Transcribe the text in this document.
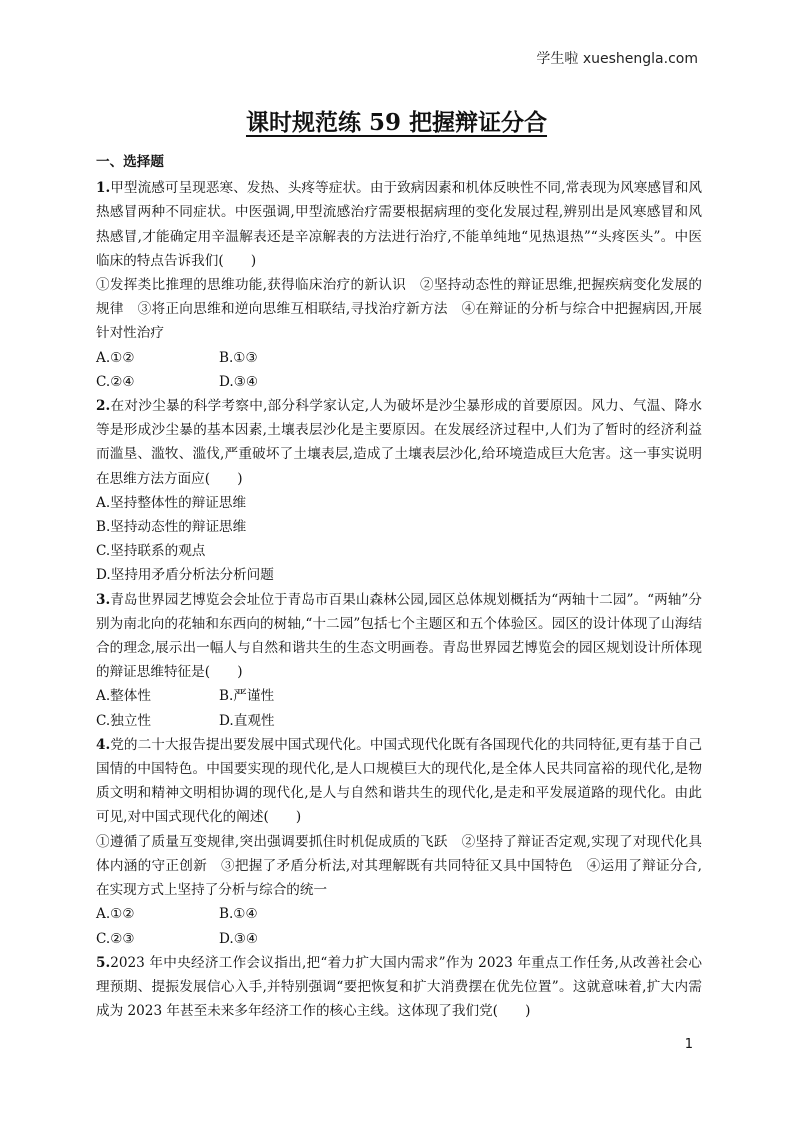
学生啦 xueshengla.com
课时规范练 59 把握辩证分合

一、选择题

1.甲型流感可呈现恶寒、发热、头疼等症状。由于致病因素和机体反映性不同,常表现为风寒感冒和风热感冒两种不同症状。中医强调,甲型流感治疗需要根据病理的变化发展过程,辨别出是风寒感冒和风热感冒,才能确定用辛温解表还是辛凉解表的方法进行治疗,不能单纯地“见热退热”“头疼医头”。中医临床的特点告诉我们(　　)

①发挥类比推理的思维功能,获得临床治疗的新认识　②坚持动态性的辩证思维,把握疾病变化发展的规律　③将正向思维和逆向思维互相联结,寻找治疗新方法　④在辩证的分析与综合中把握病因,开展针对性治疗

A.①②	B.①③
C.②④	D.③④

2.在对沙尘暴的科学考察中,部分科学家认定,人为破坏是沙尘暴形成的首要原因。风力、气温、降水等是形成沙尘暴的基本因素,土壤表层沙化是主要原因。在发展经济过程中,人们为了暂时的经济利益而滥垦、滥牧、滥伐,严重破坏了土壤表层,造成了土壤表层沙化,给环境造成巨大危害。这一事实说明在思维方法方面应(　　)

A.坚持整体性的辩证思维

B.坚持动态性的辩证思维

C.坚持联系的观点

D.坚持用矛盾分析法分析问题

3.青岛世界园艺博览会会址位于青岛市百果山森林公园,园区总体规划概括为“两轴十二园”。“两轴”分别为南北向的花轴和东西向的树轴,“十二园”包括七个主题区和五个体验区。园区的设计体现了山海结合的理念,展示出一幅人与自然和谐共生的生态文明画卷。青岛世界园艺博览会的园区规划设计所体现的辩证思维特征是(　　)

A.整体性	B.严谨性
C.独立性	D.直观性

4.党的二十大报告提出要发展中国式现代化。中国式现代化既有各国现代化的共同特征,更有基于自己国情的中国特色。中国要实现的现代化,是人口规模巨大的现代化,是全体人民共同富裕的现代化,是物质文明和精神文明相协调的现代化,是人与自然和谐共生的现代化,是走和平发展道路的现代化。由此可见,对中国式现代化的阐述(　　)

①遵循了质量互变规律,突出强调要抓住时机促成质的飞跃　②坚持了辩证否定观,实现了对现代化具体内涵的守正创新　③把握了矛盾分析法,对其理解既有共同特征又具中国特色　④运用了辩证分合,在实现方式上坚持了分析与综合的统一

A.①②	B.①④
C.②③	D.③④

5.2023 年中央经济工作会议指出,把“着力扩大国内需求”作为 2023 年重点工作任务,从改善社会心理预期、提振发展信心入手,并特别强调“要把恢复和扩大消费摆在优先位置”。这就意味着,扩大内需成为 2023 年甚至未来多年经济工作的核心主线。这体现了我们党(　　)

1
